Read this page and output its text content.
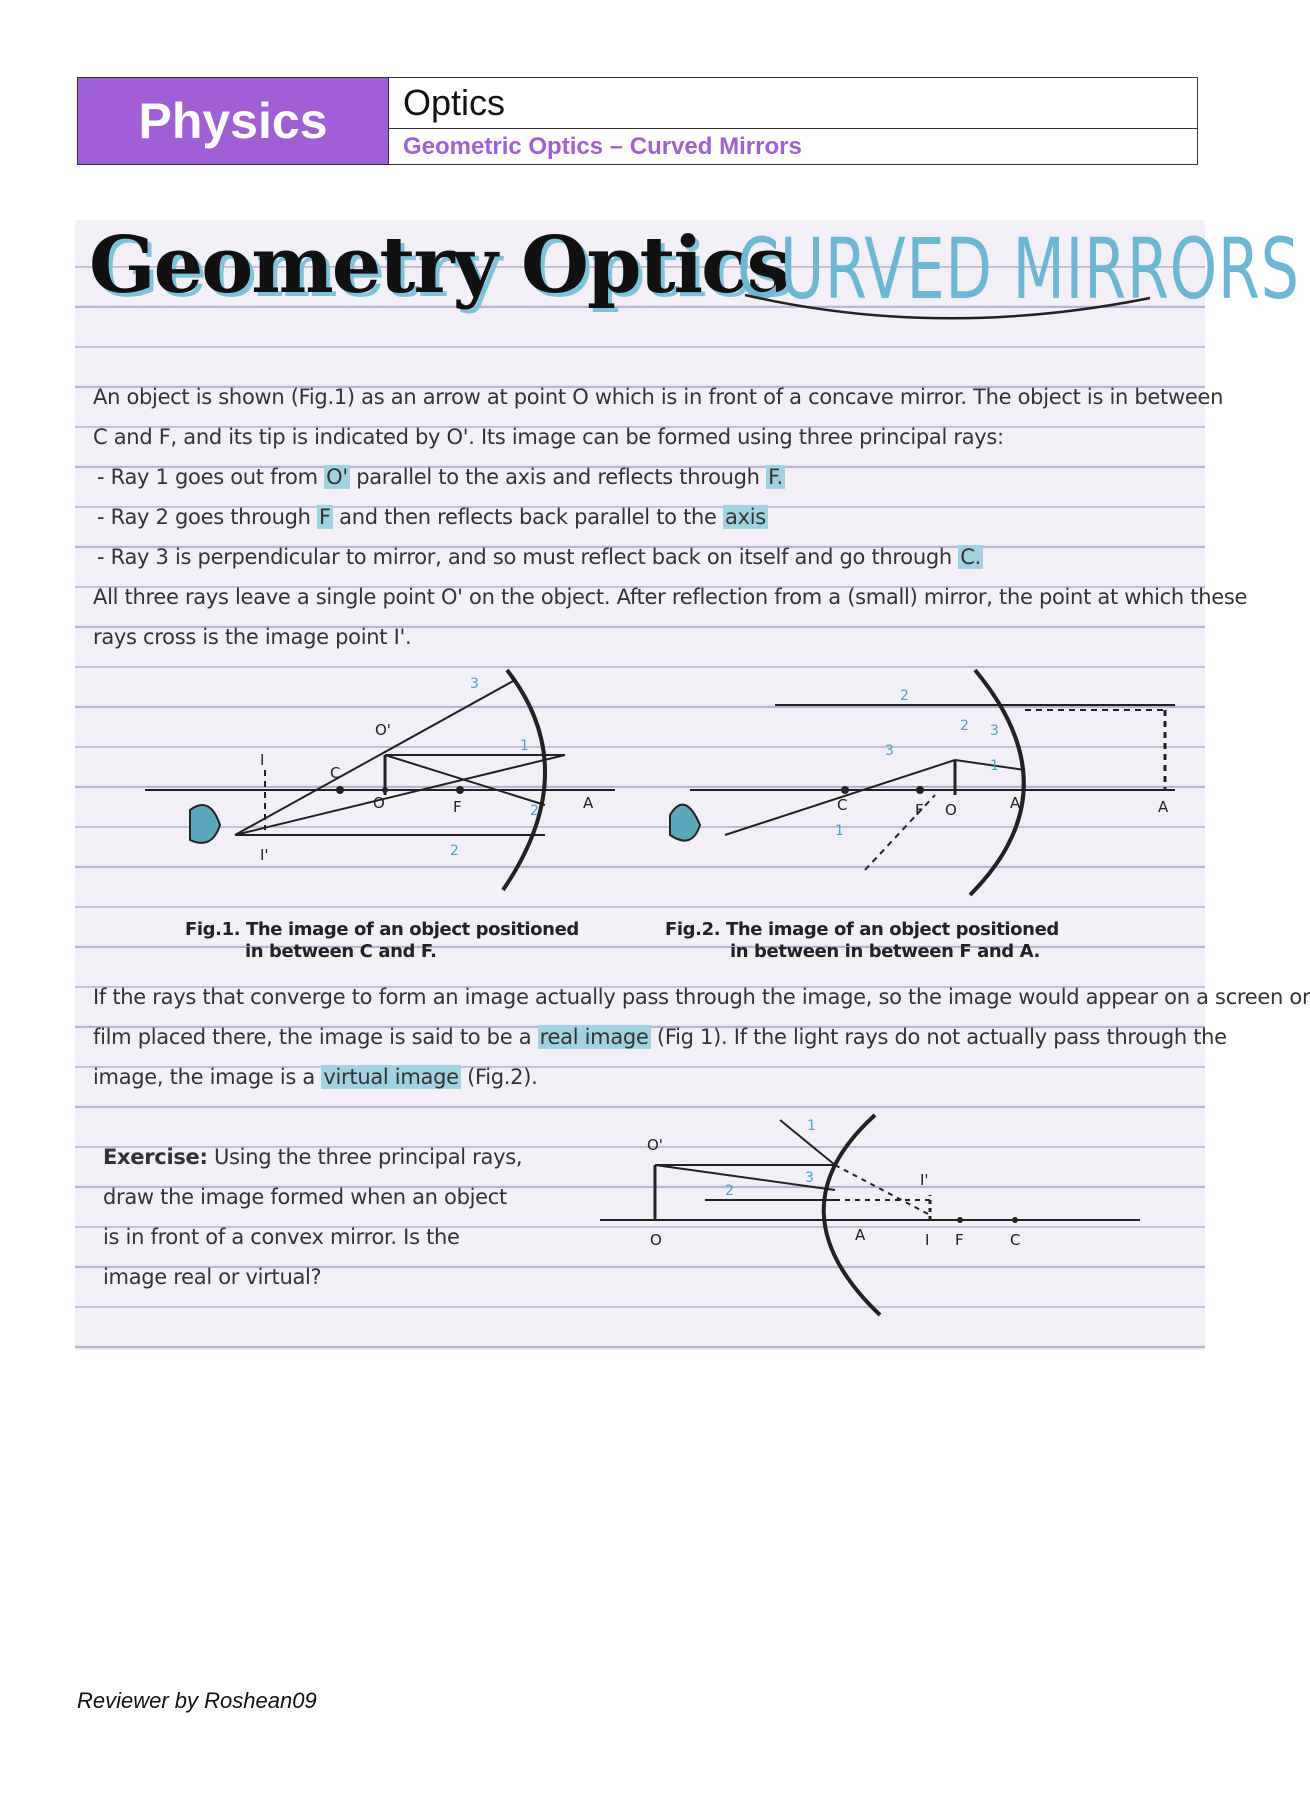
Physics	Optics
Geometric Optics – Curved Mirrors
Geometry Optics
CURVED MIRRORS
An object is shown (Fig.1) as an arrow at point O which is in front of a concave mirror. The object is in between
C and F, and its tip is indicated by O'. Its image can be formed using three principal rays:
- Ray 1 goes out from O' parallel to the axis and reflects through F.
- Ray 2 goes through F and then reflects back parallel to the axis
- Ray 3 is perpendicular to mirror, and so must reflect back on itself and go through C.
All three rays leave a single point O' on the object. After reflection from a (small) mirror, the point at which these
rays cross is the image point I'.
3
1
2
2
2
2
3
3
1
1
O'
I
C
O	F	A
I'
C	F O	A	A
Fig.1. The image of an object positioned
in between C and F.
Fig.2. The image of an object positioned
in between in between F and A.
If the rays that converge to form an image actually pass through the image, so the image would appear on a screen or
film placed there, the image is said to be a real image (Fig 1). If the light rays do not actually pass through the
image, the image is a virtual image (Fig.2).
Exercise: Using the three principal rays,
draw the image formed when an object
is in front of a convex mirror. Is the
image real or virtual?
1
3
2
O'
I'
O	A	I F	C
Reviewer by Roshean09
